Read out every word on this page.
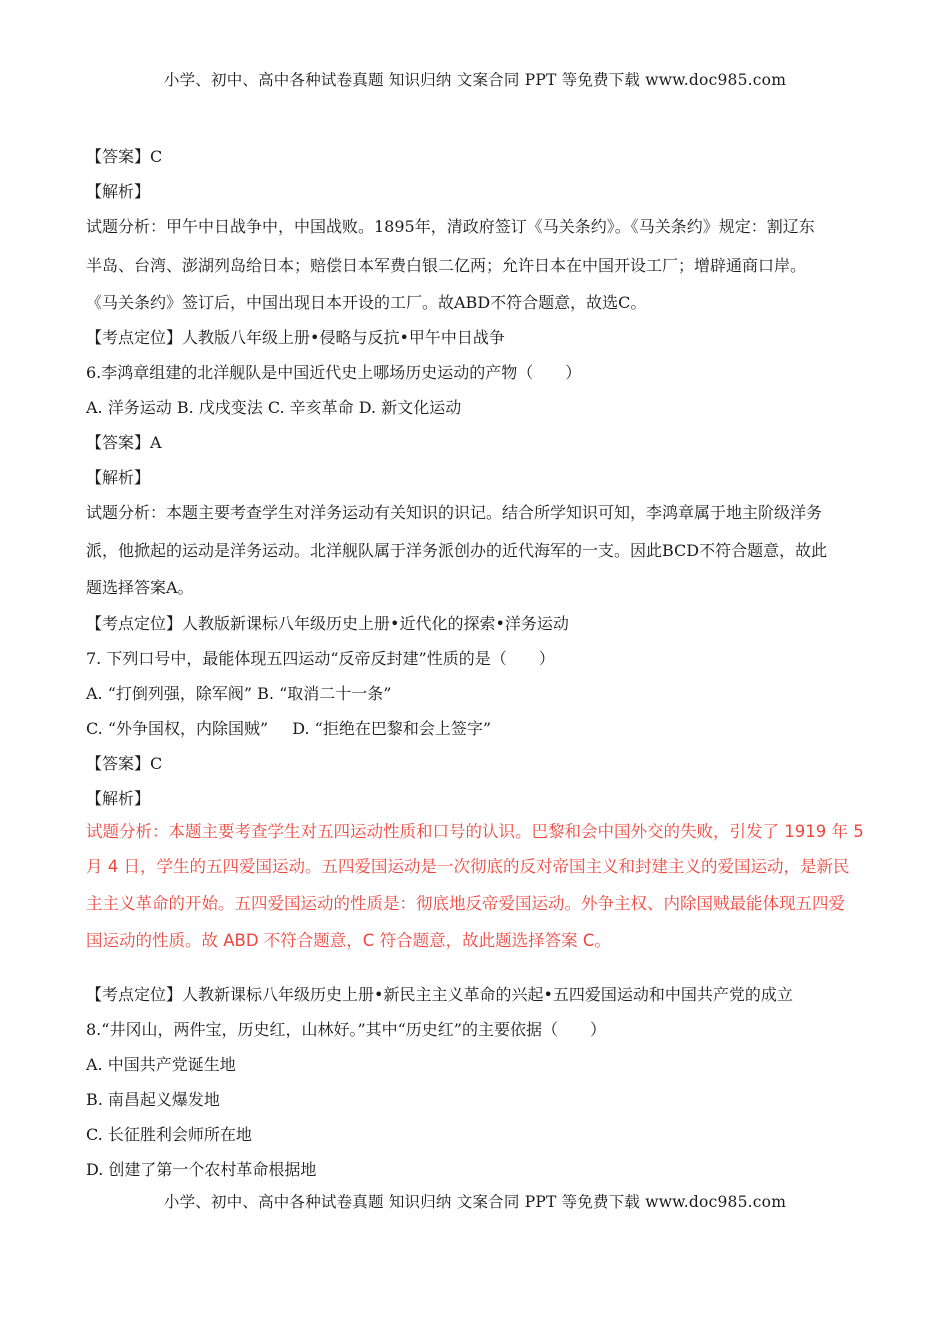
小学、初中、高中各种试卷真题 知识归纳 文案合同 PPT 等免费下载 www.doc985.com
【答案】C
【解析】
试题分析：甲午中日战争中，中国战败。1895年，清政府签订《马关条约》。《马关条约》规定：割辽东
半岛、台湾、澎湖列岛给日本；赔偿日本军费白银二亿两；允许日本在中国开设工厂；增辟通商口岸。
《马关条约》签订后，中国出现日本开设的工厂。故ABD不符合题意，故选C。
【考点定位】人教版八年级上册•侵略与反抗•甲午中日战争
6.李鸿章组建的北洋舰队是中国近代史上哪场历史运动的产物（　　）
A. 洋务运动 B. 戊戌变法 C. 辛亥革命 D. 新文化运动
【答案】A
【解析】
试题分析：本题主要考查学生对洋务运动有关知识的识记。结合所学知识可知，李鸿章属于地主阶级洋务
派，他掀起的运动是洋务运动。北洋舰队属于洋务派创办的近代海军的一支。因此BCD不符合题意，故此
题选择答案A。
【考点定位】人教版新课标八年级历史上册•近代化的探索•洋务运动
7. 下列口号中，最能体现五四运动“反帝反封建”性质的是（　　）
A. “打倒列强，除军阀” B. “取消二十一条”
C. “外争国权，内除国贼” D. “拒绝在巴黎和会上签字”
【答案】C
【解析】
试题分析：本题主要考查学生对五四运动性质和口号的认识。巴黎和会中国外交的失败，引发了 1919 年 5
月 4 日，学生的五四爱国运动。五四爱国运动是一次彻底的反对帝国主义和封建主义的爱国运动，是新民
主主义革命的开始。五四爱国运动的性质是：彻底地反帝爱国运动。外争主权、内除国贼最能体现五四爱
国运动的性质。故 ABD 不符合题意，C 符合题意，故此题选择答案 C。
【考点定位】人教新课标八年级历史上册•新民主主义革命的兴起•五四爱国运动和中国共产党的成立
8.“井冈山，两件宝，历史红，山林好。”其中“历史红”的主要依据（　　）
A. 中国共产党诞生地
B. 南昌起义爆发地
C. 长征胜利会师所在地
D. 创建了第一个农村革命根据地
小学、初中、高中各种试卷真题 知识归纳 文案合同 PPT 等免费下载 www.doc985.com
